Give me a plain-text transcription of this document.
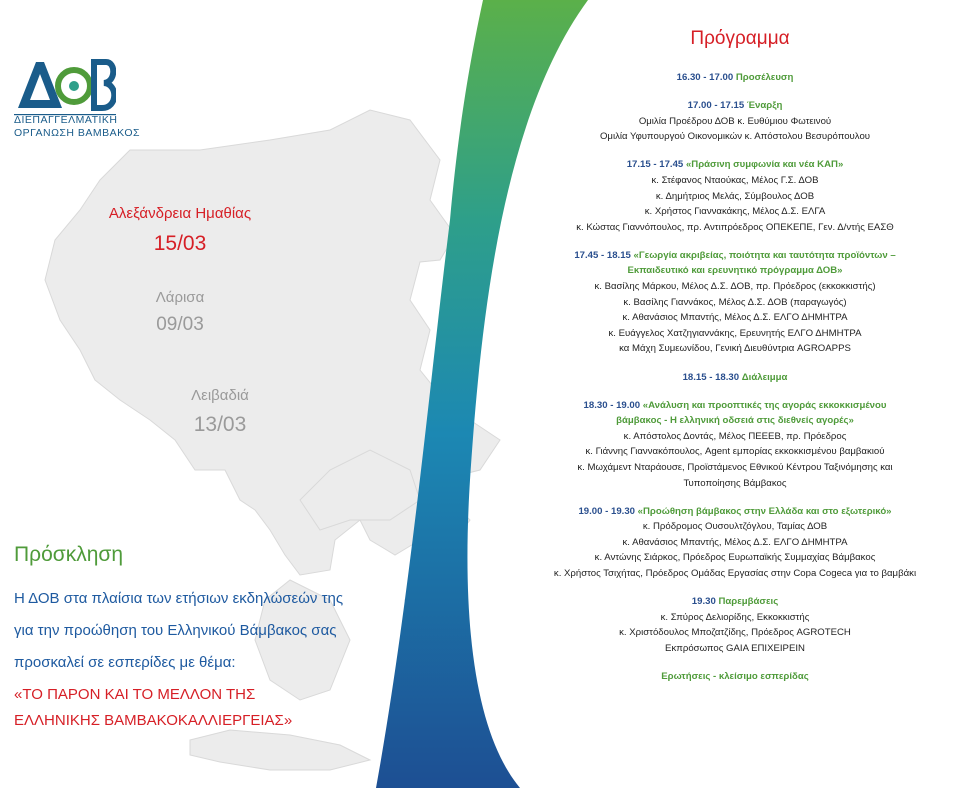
ΔΙΕΠΑΓΓΕΛΜΑΤΙΚΗ
ΟΡΓΑΝΩΣΗ ΒΑΜΒΑΚΟΣ
Αλεξάνδρεια Ημαθίας
15/03
Λάρισα
09/03
Λειβαδιά
13/03
Πρόσκληση
Η ΔΟΒ στα πλαίσια των ετήσιων εκδηλώσεών της
για την προώθηση του Ελληνικού Βάμβακος σας
προσκαλεί σε εσπερίδες με θέμα:
«ΤΟ ΠΑΡΟΝ ΚΑΙ ΤΟ ΜΕΛΛΟΝ ΤΗΣ
ΕΛΛΗΝΙΚΗΣ ΒΑΜΒΑΚΟΚΑΛΛΙΕΡΓΕΙΑΣ»
Πρόγραμμα
16.30 - 17.00 Προσέλευση
17.00 - 17.15 Έναρξη
Ομιλία Προέδρου ΔΟΒ κ. Ευθύμιου Φωτεινού
Ομιλία Υφυπουργού Οικονομικών κ. Απόστολου Βεσυρόπουλου
17.15 - 17.45 «Πράσινη συμφωνία και νέα ΚΑΠ»
κ. Στέφανος Νταούκας, Μέλος Γ.Σ. ΔΟΒ
κ. Δημήτριος Μελάς, Σύμβουλος ΔΟΒ
κ. Χρήστος Γιαννακάκης, Μέλος Δ.Σ. ΕΛΓΑ
κ. Κώστας Γιαννόπουλος, πρ. Αντιπρόεδρος ΟΠΕΚΕΠΕ, Γεν. Δ/ντής ΕΑΣΘ
17.45 - 18.15 «Γεωργία ακριβείας, ποιότητα και ταυτότητα προϊόντων –
Εκπαιδευτικό και ερευνητικό πρόγραμμα ΔΟΒ»
κ. Βασίλης Μάρκου, Μέλος Δ.Σ. ΔΟΒ, πρ. Πρόεδρος (εκκοκκιστής)
κ. Βασίλης Γιαννάκος, Μέλος Δ.Σ. ΔΟΒ (παραγωγός)
κ. Αθανάσιος Μπαντής, Μέλος Δ.Σ. ΕΛΓΟ ΔΗΜΗΤΡΑ
κ. Ευάγγελος Χατζηγιαννάκης, Ερευνητής ΕΛΓΟ ΔΗΜΗΤΡΑ
κα Μάχη Συμεωνίδου, Γενική Διευθύντρια AGROAPPS
18.15 - 18.30 Διάλειμμα
18.30 - 19.00 «Ανάλυση και προοπτικές της αγοράς εκκοκκισμένου
βάμβακος - Η ελληνική οδσειά στις διεθνείς αγορές»
κ. Απόστολος Δοντάς, Μέλος ΠΕΕΕΒ, πρ. Πρόεδρος
κ. Γιάννης Γιαννακόπουλος, Agent εμπορίας εκκοκκισμένου βαμβακιού
κ. Μωχάμεντ Νταράουσε, Προϊστάμενος Εθνικού Κέντρου Ταξινόμησης και
Τυποποίησης Βάμβακος
19.00 - 19.30 «Προώθηση βάμβακος στην Ελλάδα και στο εξωτερικό»
κ. Πρόδρομος Ουσουλτζόγλου, Ταμίας ΔΟΒ
κ. Αθανάσιος Μπαντής, Μέλος Δ.Σ. ΕΛΓΟ ΔΗΜΗΤΡΑ
κ. Αντώνης Σιάρκος, Πρόεδρος Ευρωπαϊκής Συμμαχίας Βάμβακος
κ. Χρήστος Τσιχήτας, Πρόεδρος Ομάδας Εργασίας στην Copa Cogeca για το βαμβάκι
19.30 Παρεμβάσεις
κ. Σπύρος Δελιορίδης, Εκκοκκιστής
κ. Χριστόδουλος Μποζατζίδης, Πρόεδρος AGROTECH
Εκπρόσωπος GAIA ΕΠΙΧΕΙΡΕΙΝ
Ερωτήσεις - κλείσιμο εσπερίδας
